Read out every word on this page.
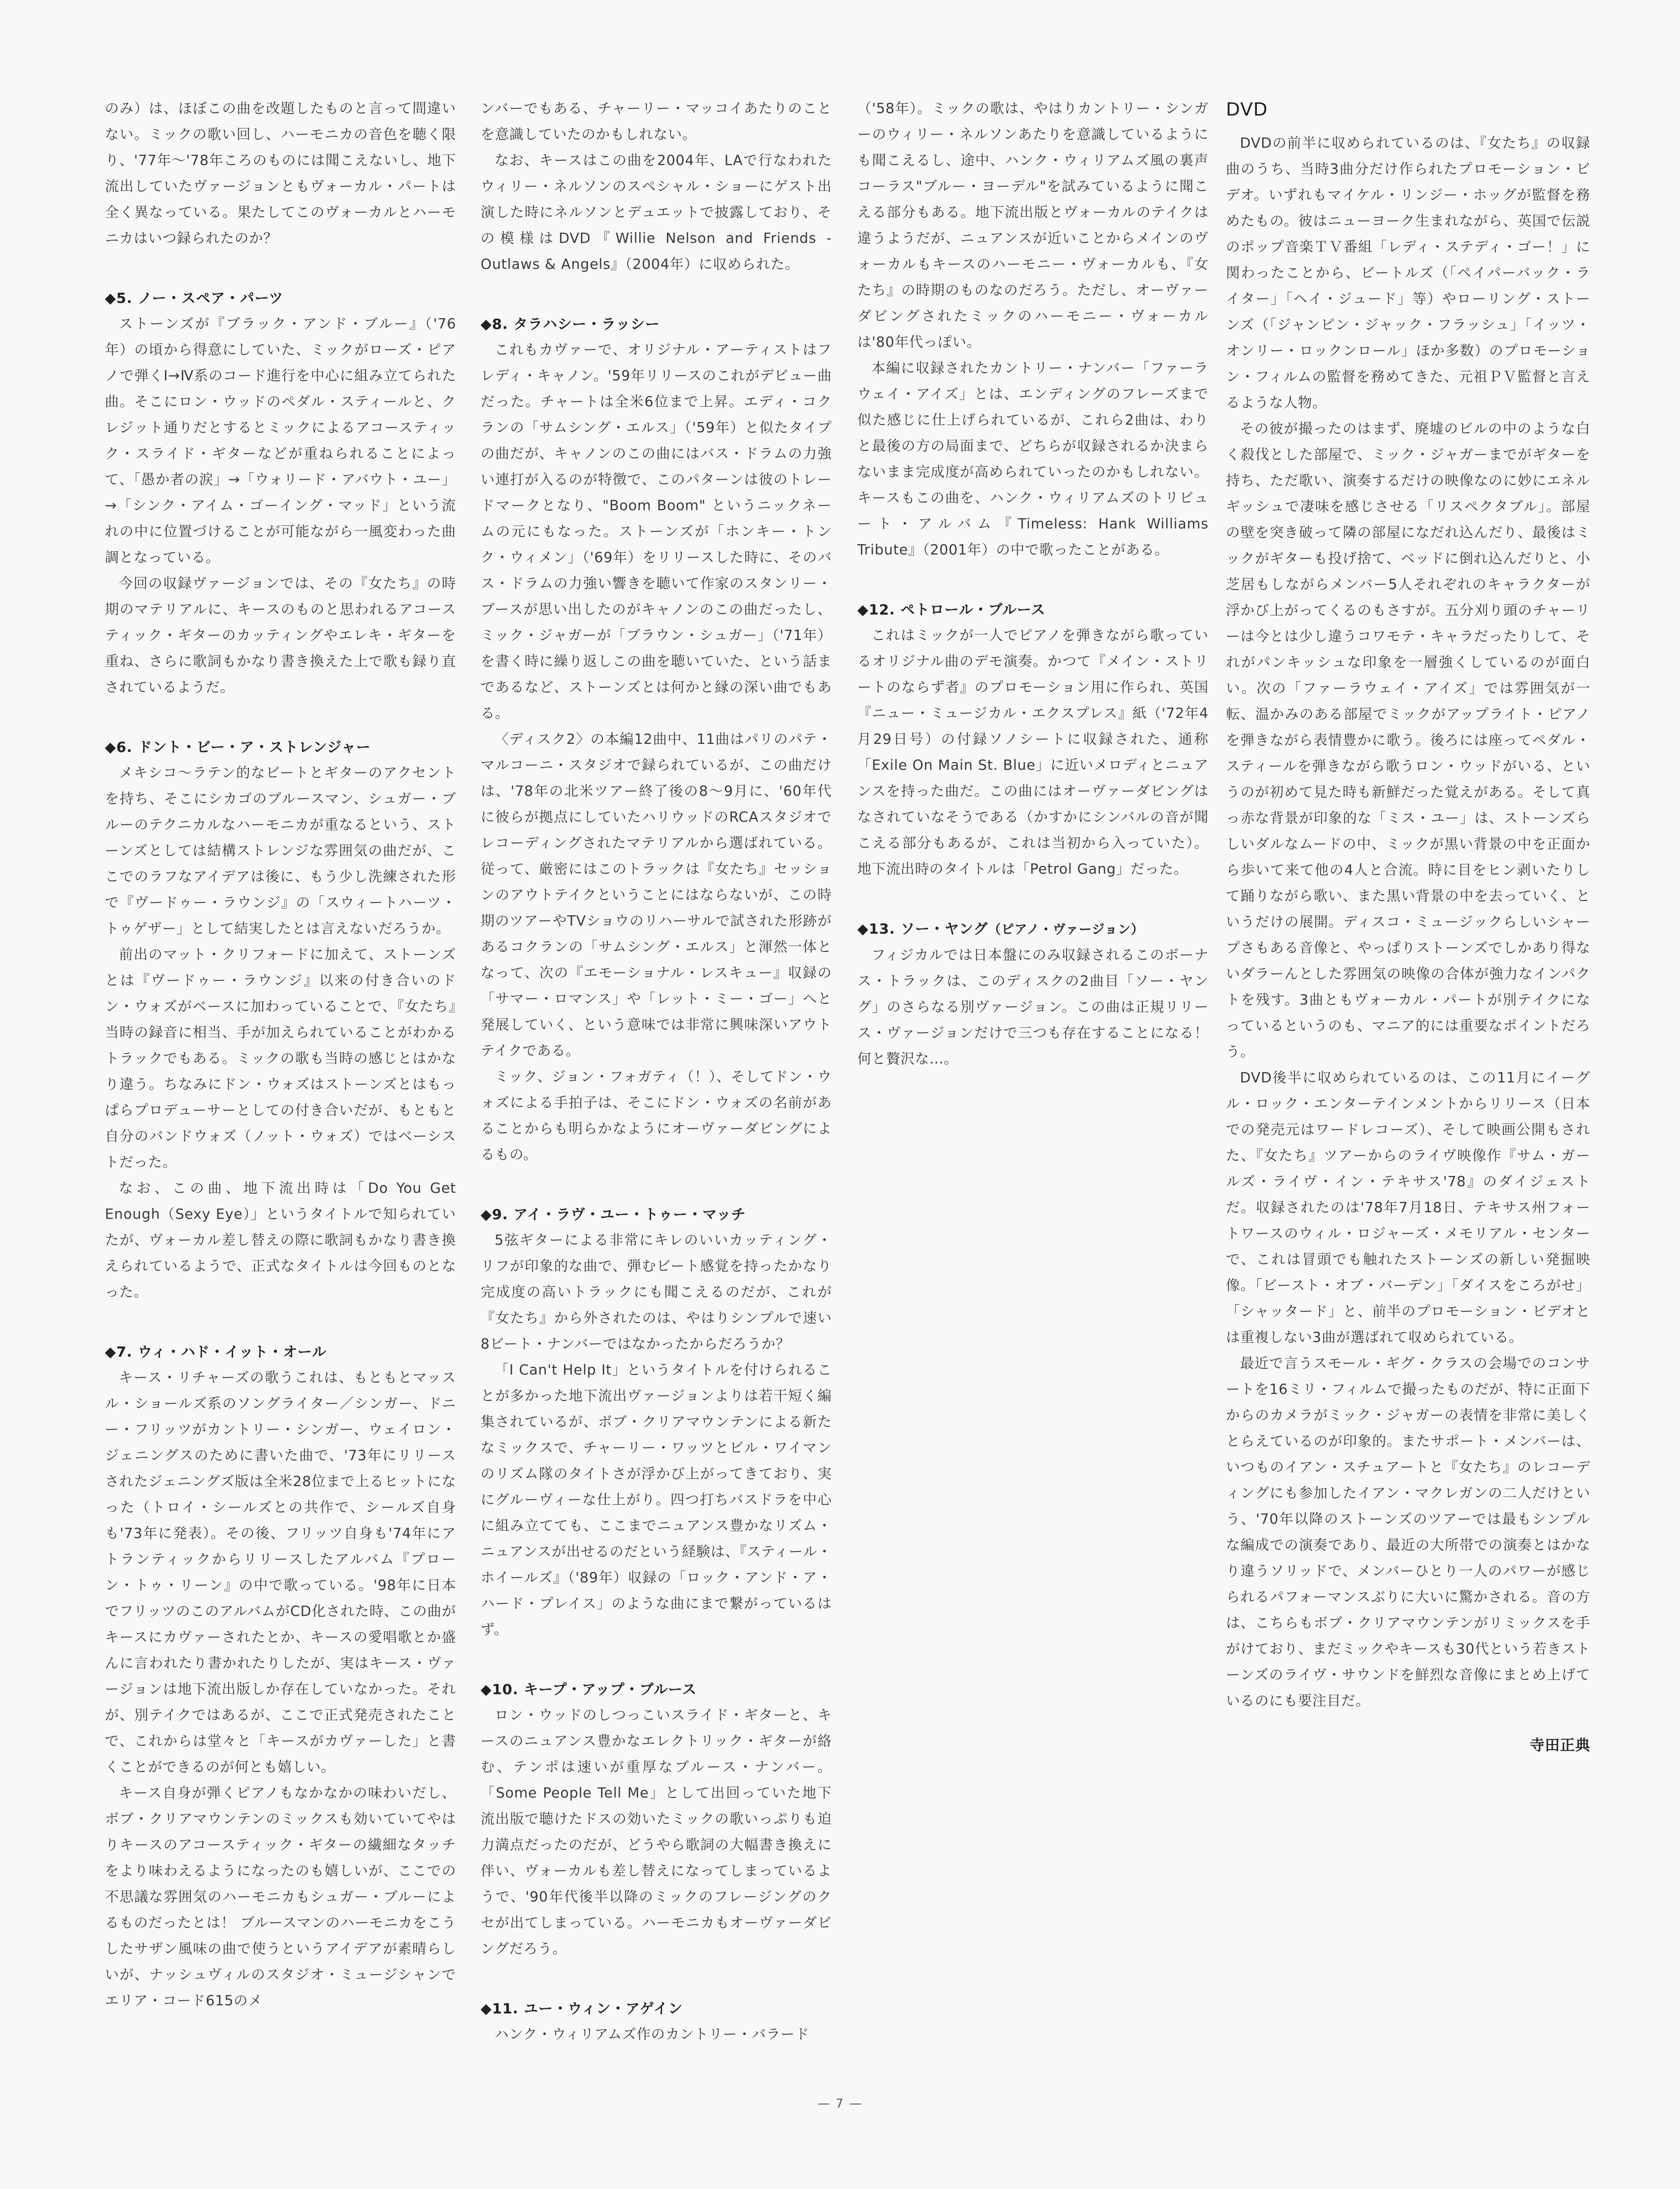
のみ）は、ほぼこの曲を改題したものと言って間違いない。ミックの歌い回し、ハーモニカの音色を聴く限り、'77年〜'78年ころのものには聞こえないし、地下流出していたヴァージョンともヴォーカル・パートは全く異なっている。果たしてこのヴォーカルとハーモニカはいつ録られたのか？

◆5. ノー・スペア・パーツ

ストーンズが『ブラック・アンド・ブルー』（'76年）の頃から得意にしていた、ミックがローズ・ピアノで弾くI→Ⅳ系のコード進行を中心に組み立てられた曲。そこにロン・ウッドのペダル・スティールと、クレジット通りだとするとミックによるアコースティック・スライド・ギターなどが重ねられることによって、「愚か者の涙」→「ウォリード・アバウト・ユー」→「シンク・アイム・ゴーイング・マッド」という流れの中に位置づけることが可能ながら一風変わった曲調となっている。

今回の収録ヴァージョンでは、その『女たち』の時期のマテリアルに、キースのものと思われるアコースティック・ギターのカッティングやエレキ・ギターを重ね、さらに歌詞もかなり書き換えた上で歌も録り直されているようだ。

◆6. ドント・ビー・ア・ストレンジャー

メキシコ〜ラテン的なビートとギターのアクセントを持ち、そこにシカゴのブルースマン、シュガー・ブルーのテクニカルなハーモニカが重なるという、ストーンズとしては結構ストレンジな雰囲気の曲だが、ここでのラフなアイデアは後に、もう少し洗練された形で『ヴードゥー・ラウンジ』の「スウィートハーツ・トゥゲザー」として結実したとは言えないだろうか。

前出のマット・クリフォードに加えて、ストーンズとは『ヴードゥー・ラウンジ』以来の付き合いのドン・ウォズがベースに加わっていることで、『女たち』当時の録音に相当、手が加えられていることがわかるトラックでもある。ミックの歌も当時の感じとはかなり違う。ちなみにドン・ウォズはストーンズとはもっぱらプロデューサーとしての付き合いだが、もともと自分のバンドウォズ（ノット・ウォズ）ではベーシストだった。

なお、この曲、地下流出時は「Do You Get Enough（Sexy Eye）」というタイトルで知られていたが、ヴォーカル差し替えの際に歌詞もかなり書き換えられているようで、正式なタイトルは今回ものとなった。

◆7. ウィ・ハド・イット・オール

キース・リチャーズの歌うこれは、もともとマッスル・ショールズ系のソングライター／シンガー、ドニー・フリッツがカントリー・シンガー、ウェイロン・ジェニングスのために書いた曲で、'73年にリリースされたジェニングズ版は全米28位まで上るヒットになった（トロイ・シールズとの共作で、シールズ自身も'73年に発表）。その後、フリッツ自身も'74年にアトランティックからリリースしたアルバム『プローン・トゥ・リーン』の中で歌っている。'98年に日本でフリッツのこのアルバムがCD化された時、この曲がキースにカヴァーされたとか、キースの愛唱歌とか盛んに言われたり書かれたりしたが、実はキース・ヴァージョンは地下流出版しか存在していなかった。それが、別テイクではあるが、ここで正式発売されたことで、これからは堂々と「キースがカヴァーした」と書くことができるのが何とも嬉しい。

キース自身が弾くピアノもなかなかの味わいだし、ボブ・クリアマウンテンのミックスも効いていてやはりキースのアコースティック・ギターの繊細なタッチをより味わえるようになったのも嬉しいが、ここでの不思議な雰囲気のハーモニカもシュガー・ブルーによるものだったとは！ ブルースマンのハーモニカをこうしたサザン風味の曲で使うというアイデアが素晴らしいが、ナッシュヴィルのスタジオ・ミュージシャンでエリア・コード615のメ

ンバーでもある、チャーリー・マッコイあたりのことを意識していたのかもしれない。

なお、キースはこの曲を2004年、LAで行なわれたウィリー・ネルソンのスペシャル・ショーにゲスト出演した時にネルソンとデュエットで披露しており、その模様はDVD『Willie Nelson and Friends - Outlaws & Angels』（2004年）に収められた。

◆8. タラハシー・ラッシー

これもカヴァーで、オリジナル・アーティストはフレディ・キャノン。'59年リリースのこれがデビュー曲だった。チャートは全米6位まで上昇。エディ・コクランの「サムシング・エルス」（'59年）と似たタイプの曲だが、キャノンのこの曲にはバス・ドラムの力強い連打が入るのが特徴で、このパターンは彼のトレードマークとなり、"Boom Boom" というニックネームの元にもなった。ストーンズが「ホンキー・トンク・ウィメン」（'69年）をリリースした時に、そのバス・ドラムの力強い響きを聴いて作家のスタンリー・ブースが思い出したのがキャノンのこの曲だったし、ミック・ジャガーが「ブラウン・シュガー」（'71年）を書く時に繰り返しこの曲を聴いていた、という話まであるなど、ストーンズとは何かと縁の深い曲でもある。

〈ディスク2〉の本編12曲中、11曲はパリのパテ・マルコーニ・スタジオで録られているが、この曲だけは、'78年の北米ツアー終了後の8〜9月に、'60年代に彼らが拠点にしていたハリウッドのRCAスタジオでレコーディングされたマテリアルから選ばれている。従って、厳密にはこのトラックは『女たち』セッションのアウトテイクということにはならないが、この時期のツアーやTVショウのリハーサルで試された形跡があるコクランの「サムシング・エルス」と渾然一体となって、次の『エモーショナル・レスキュー』収録の「サマー・ロマンス」や「レット・ミー・ゴー」へと発展していく、という意味では非常に興味深いアウトテイクである。

ミック、ジョン・フォガティ（！）、そしてドン・ウォズによる手拍子は、そこにドン・ウォズの名前があることからも明らかなようにオーヴァーダビングによるもの。

◆9. アイ・ラヴ・ユー・トゥー・マッチ

5弦ギターによる非常にキレのいいカッティング・リフが印象的な曲で、弾むビート感覚を持ったかなり完成度の高いトラックにも聞こえるのだが、これが『女たち』から外されたのは、やはりシンプルで速い8ビート・ナンバーではなかったからだろうか？

「I Can't Help It」というタイトルを付けられることが多かった地下流出ヴァージョンよりは若干短く編集されているが、ボブ・クリアマウンテンによる新たなミックスで、チャーリー・ワッツとビル・ワイマンのリズム隊のタイトさが浮かび上がってきており、実にグルーヴィーな仕上がり。四つ打ちバスドラを中心に組み立てても、ここまでニュアンス豊かなリズム・ニュアンスが出せるのだという経験は、『スティール・ホイールズ』（'89年）収録の「ロック・アンド・ア・ハード・プレイス」のような曲にまで繋がっているはず。

◆10. キープ・アップ・ブルース

ロン・ウッドのしつっこいスライド・ギターと、キースのニュアンス豊かなエレクトリック・ギターが絡む、テンポは速いが重厚なブルース・ナンバー。「Some People Tell Me」として出回っていた地下流出版で聴けたドスの効いたミックの歌いっぷりも迫力満点だったのだが、どうやら歌詞の大幅書き換えに伴い、ヴォーカルも差し替えになってしまっているようで、'90年代後半以降のミックのフレージングのクセが出てしまっている。ハーモニカもオーヴァーダビングだろう。

◆11. ユー・ウィン・アゲイン

ハンク・ウィリアムズ作のカントリー・バラード

（'58年）。ミックの歌は、やはりカントリー・シンガーのウィリー・ネルソンあたりを意識しているようにも聞こえるし、途中、ハンク・ウィリアムズ風の裏声コーラス"ブルー・ヨーデル"を試みているように聞こえる部分もある。地下流出版とヴォーカルのテイクは違うようだが、ニュアンスが近いことからメインのヴォーカルもキースのハーモニー・ヴォーカルも、『女たち』の時期のものなのだろう。ただし、オーヴァーダビングされたミックのハーモニー・ヴォーカルは'80年代っぽい。

本編に収録されたカントリー・ナンバー「ファーラウェイ・アイズ」とは、エンディングのフレーズまで似た感じに仕上げられているが、これら2曲は、わりと最後の方の局面まで、どちらが収録されるか決まらないまま完成度が高められていったのかもしれない。キースもこの曲を、ハンク・ウィリアムズのトリビュート・アルバム『Timeless: Hank Williams Tribute』（2001年）の中で歌ったことがある。

◆12. ペトロール・ブルース

これはミックが一人でピアノを弾きながら歌っているオリジナル曲のデモ演奏。かつて『メイン・ストリートのならず者』のプロモーション用に作られ、英国『ニュー・ミュージカル・エクスプレス』紙（'72年4月29日号）の付録ソノシートに収録された、通称「Exile On Main St. Blue」に近いメロディとニュアンスを持った曲だ。この曲にはオーヴァーダビングはなされていなそうである（かすかにシンバルの音が聞こえる部分もあるが、これは当初から入っていた）。地下流出時のタイトルは「Petrol Gang」だった。

◆13. ソー・ヤング（ピアノ・ヴァージョン）

フィジカルでは日本盤にのみ収録されるこのボーナス・トラックは、このディスクの2曲目「ソー・ヤング」のさらなる別ヴァージョン。この曲は正規リリース・ヴァージョンだけで三つも存在することになる！ 何と贅沢な…。

DVD

DVDの前半に収められているのは、『女たち』の収録曲のうち、当時3曲分だけ作られたプロモーション・ビデオ。いずれもマイケル・リンジー・ホッグが監督を務めたもの。彼はニューヨーク生まれながら、英国で伝説のポップ音楽ＴＶ番組「レディ・ステディ・ゴー！」に関わったことから、ビートルズ（「ペイパーバック・ライター」「ヘイ・ジュード」等）やローリング・ストーンズ（「ジャンピン・ジャック・フラッシュ」「イッツ・オンリー・ロックンロール」ほか多数）のプロモーション・フィルムの監督を務めてきた、元祖ＰＶ監督と言えるような人物。

その彼が撮ったのはまず、廃墟のビルの中のような白く殺伐とした部屋で、ミック・ジャガーまでがギターを持ち、ただ歌い、演奏するだけの映像なのに妙にエネルギッシュで凄味を感じさせる「リスペクタブル」。部屋の壁を突き破って隣の部屋になだれ込んだり、最後はミックがギターも投げ捨て、ベッドに倒れ込んだりと、小芝居もしながらメンバー5人それぞれのキャラクターが浮かび上がってくるのもさすが。五分刈り頭のチャーリーは今とは少し違うコワモテ・キャラだったりして、それがパンキッシュな印象を一層強くしているのが面白い。次の「ファーラウェイ・アイズ」では雰囲気が一転、温かみのある部屋でミックがアップライト・ピアノを弾きながら表情豊かに歌う。後ろには座ってペダル・スティールを弾きながら歌うロン・ウッドがいる、というのが初めて見た時も新鮮だった覚えがある。そして真っ赤な背景が印象的な「ミス・ユー」は、ストーンズらしいダルなムードの中、ミックが黒い背景の中を正面から歩いて来て他の4人と合流。時に目をヒン剥いたりして踊りながら歌い、また黒い背景の中を去っていく、というだけの展開。ディスコ・ミュージックらしいシャープさもある音像と、やっぱりストーンズでしかあり得ないダラーんとした雰囲気の映像の合体が強力なインパクトを残す。3曲ともヴォーカル・パートが別テイクになっているというのも、マニア的には重要なポイントだろう。

DVD後半に収められているのは、この11月にイーグル・ロック・エンターテインメントからリリース（日本での発売元はワードレコーズ）、そして映画公開もされた、『女たち』ツアーからのライヴ映像作『サム・ガールズ・ライヴ・イン・テキサス'78』のダイジェストだ。収録されたのは'78年7月18日、テキサス州フォートワースのウィル・ロジャーズ・メモリアル・センターで、これは冒頭でも触れたストーンズの新しい発掘映像。「ビースト・オブ・バーデン」「ダイスをころがせ」「シャッタード」と、前半のプロモーション・ビデオとは重複しない3曲が選ばれて収められている。

最近で言うスモール・ギグ・クラスの会場でのコンサートを16ミリ・フィルムで撮ったものだが、特に正面下からのカメラがミック・ジャガーの表情を非常に美しくとらえているのが印象的。またサポート・メンバーは、いつものイアン・スチュアートと『女たち』のレコーディングにも参加したイアン・マクレガンの二人だけという、'70年以降のストーンズのツアーでは最もシンプルな編成での演奏であり、最近の大所帯での演奏とはかなり違うソリッドで、メンバーひとり一人のパワーが感じられるパフォーマンスぶりに大いに驚かされる。音の方は、こちらもボブ・クリアマウンテンがリミックスを手がけており、まだミックやキースも30代という若きストーンズのライヴ・サウンドを鮮烈な音像にまとめ上げているのにも要注目だ。

寺田正典
— 7 —
